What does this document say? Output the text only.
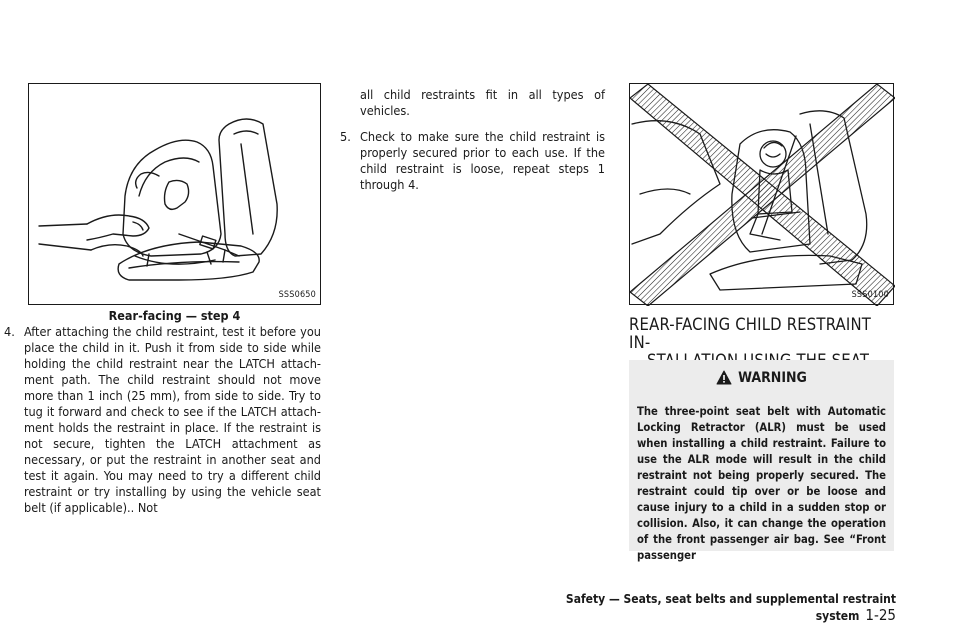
SSS0650
Rear-facing — step 4
4. After attaching the child restraint, test it before you place the child in it. Push it from side to side while holding the child restraint near the LATCH attach- ment path. The child restraint should not move more than 1 inch (25 mm), from side to side. Try to tug it forward and check to see if the LATCH attach- ment holds the restraint in place. If the restraint is not secure, tighten the LATCH attachment as necessary, or put the restraint in another seat and test it again. You may need to try a different child restraint or try installing by using the vehicle seat belt (if applicable).. Not
all child restraints fit in all types of vehicles.
5. Check to make sure the child restraint is properly secured prior to each use. If the child restraint is loose, repeat steps 1 through 4.
SSS0100
REAR-FACING CHILD RESTRAINT IN-
WARNING
The three-point seat belt with Automatic Locking Retractor (ALR) must be used when installing a child restraint. Failure to use the ALR mode will result in the child restraint not being properly secured. The restraint could tip over or be loose and cause injury to a child in a sudden stop or collision. Also, it can change the operation of the front passenger air bag. See “Front passenger
Safety — Seats, seat belts and supplemental restraint system 1-25
